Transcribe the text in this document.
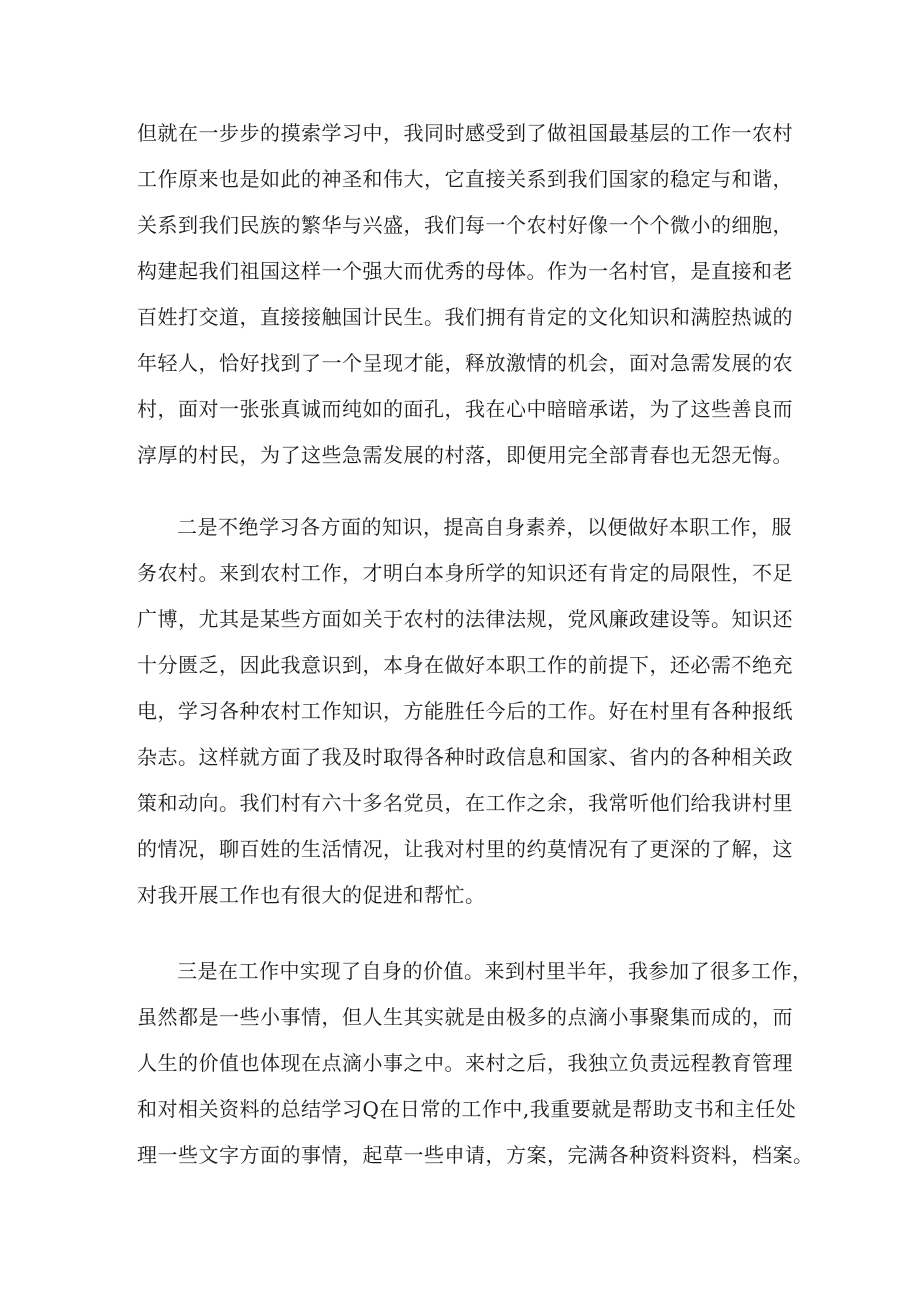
但就在一步步的摸索学习中，我同时感受到了做祖国最基层的工作一农村
工作原来也是如此的神圣和伟大，它直接关系到我们国家的稳定与和谐，
关系到我们民族的繁华与兴盛，我们每一个农村好像一个个微小的细胞，
构建起我们祖国这样一个强大而优秀的母体。作为一名村官，是直接和老
百姓打交道，直接接触国计民生。我们拥有肯定的文化知识和满腔热诚的
年轻人，恰好找到了一个呈现才能，释放激情的机会，面对急需发展的农
村，面对一张张真诚而纯如的面孔，我在心中暗暗承诺，为了这些善良而
淳厚的村民，为了这些急需发展的村落，即便用完全部青春也无怨无悔。
二是不绝学习各方面的知识，提高自身素养，以便做好本职工作，服
务农村。来到农村工作，才明白本身所学的知识还有肯定的局限性，不足
广博，尤其是某些方面如关于农村的法律法规，党风廉政建设等。知识还
十分匮乏，因此我意识到，本身在做好本职工作的前提下，还必需不绝充
电，学习各种农村工作知识，方能胜任今后的工作。好在村里有各种报纸
杂志。这样就方面了我及时取得各种时政信息和国家、省内的各种相关政
策和动向。我们村有六十多名党员，在工作之余，我常听他们给我讲村里
的情况，聊百姓的生活情况，让我对村里的约莫情况有了更深的了解，这
对我开展工作也有很大的促进和帮忙。
三是在工作中实现了自身的价值。来到村里半年，我参加了很多工作，
虽然都是一些小事情，但人生其实就是由极多的点滴小事聚集而成的，而
人生的价值也体现在点滴小事之中。来村之后，我独立负责远程教育管理
和对相关资料的总结学习Q在日常的工作中,我重要就是帮助支书和主任处
理一些文字方面的事情，起草一些申请，方案，完满各种资料资料，档案。
